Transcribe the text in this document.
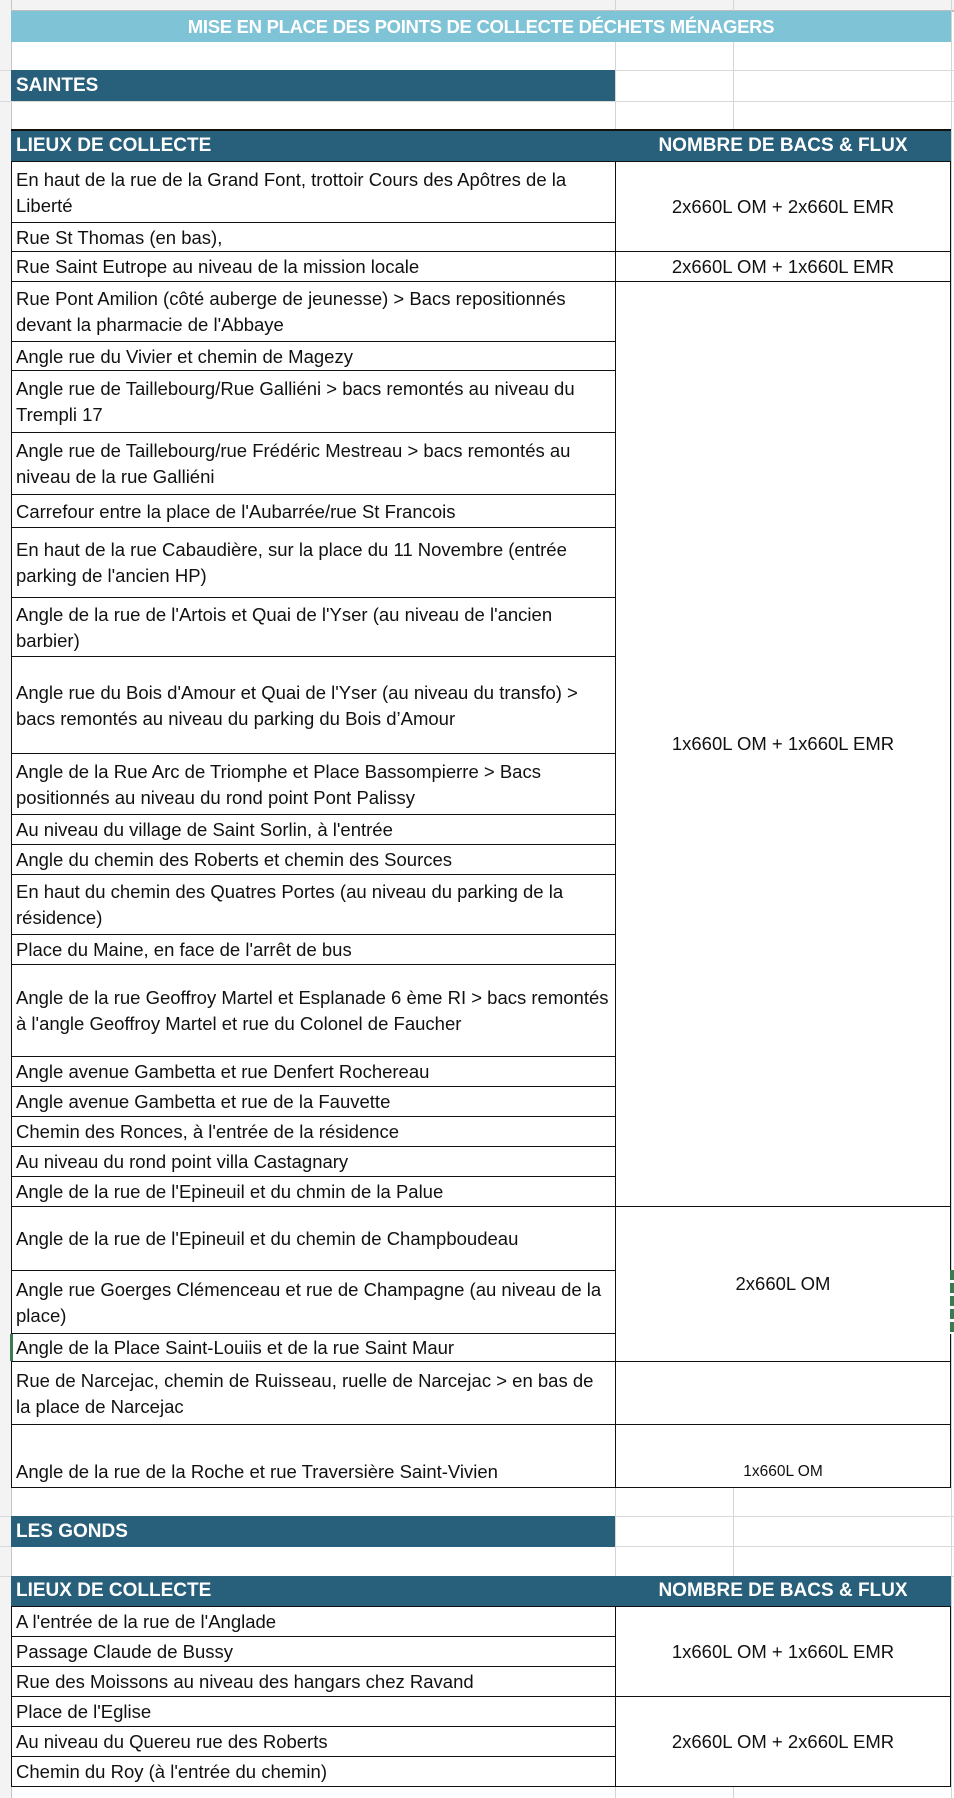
MISE EN PLACE DES POINTS DE COLLECTE DÉCHETS MÉNAGERS
SAINTES
LIEUX DE COLLECTE	NOMBRE DE BACS & FLUX
En haut de la rue de la Grand Font, trottoir Cours des Apôtres de la Liberté
Rue St Thomas (en bas),
Rue Saint Eutrope au niveau de la mission locale
Rue Pont Amilion (côté auberge de jeunesse) > Bacs repositionnés devant la pharmacie de l'Abbaye
Angle rue du Vivier et chemin de Magezy
Angle rue de Taillebourg/Rue Galliéni > bacs remontés au niveau du Trempli 17
Angle rue de Taillebourg/rue Frédéric Mestreau > bacs remontés au niveau de la rue Galliéni
Carrefour entre la place de l'Aubarrée/rue St Francois
En haut de la rue Cabaudière, sur la place du 11 Novembre (entrée parking de l'ancien HP)
Angle de la rue de l'Artois et Quai de l'Yser (au niveau de l'ancien barbier)
Angle rue du Bois d'Amour et Quai de l'Yser (au niveau du transfo) > bacs remontés au niveau du parking du Bois d’Amour
Angle de la Rue Arc de Triomphe et Place Bassompierre > Bacs positionnés au niveau du rond point Pont Palissy
Au niveau du village de Saint Sorlin, à l'entrée
Angle du chemin des Roberts et chemin des Sources
En haut du chemin des Quatres Portes (au niveau du parking de la résidence)
Place du Maine, en face de l'arrêt de bus
Angle de la rue Geoffroy Martel et Esplanade 6 ème RI > bacs remontés à l'angle Geoffroy Martel et rue du Colonel de Faucher
Angle avenue Gambetta et rue Denfert Rochereau
Angle avenue Gambetta et rue de la Fauvette
Chemin des Ronces, à l'entrée de la résidence
Au niveau du rond point villa Castagnary
Angle de la rue de l'Epineuil et du chmin de la Palue
Angle de la rue de l'Epineuil et du chemin de Champboudeau
Angle rue Goerges Clémenceau et rue de Champagne (au niveau de la place)
Angle de la Place Saint-Louiis et de la rue Saint Maur
Rue de Narcejac, chemin de Ruisseau, ruelle de Narcejac > en bas de la place de Narcejac
Angle de la rue de la Roche et rue Traversière Saint-Vivien
2x660L OM + 2x660L EMR
2x660L OM + 1x660L EMR
1x660L OM + 1x660L EMR
2x660L OM
1x660L OM
LES GONDS
LIEUX DE COLLECTE	NOMBRE DE BACS & FLUX
A l'entrée de la rue de l'Anglade
Passage Claude de Bussy
Rue des Moissons au niveau des hangars chez Ravand
Place de l'Eglise
Au niveau du Quereu rue des Roberts
Chemin du Roy (à l'entrée du chemin)
1x660L OM + 1x660L EMR
2x660L OM + 2x660L EMR
